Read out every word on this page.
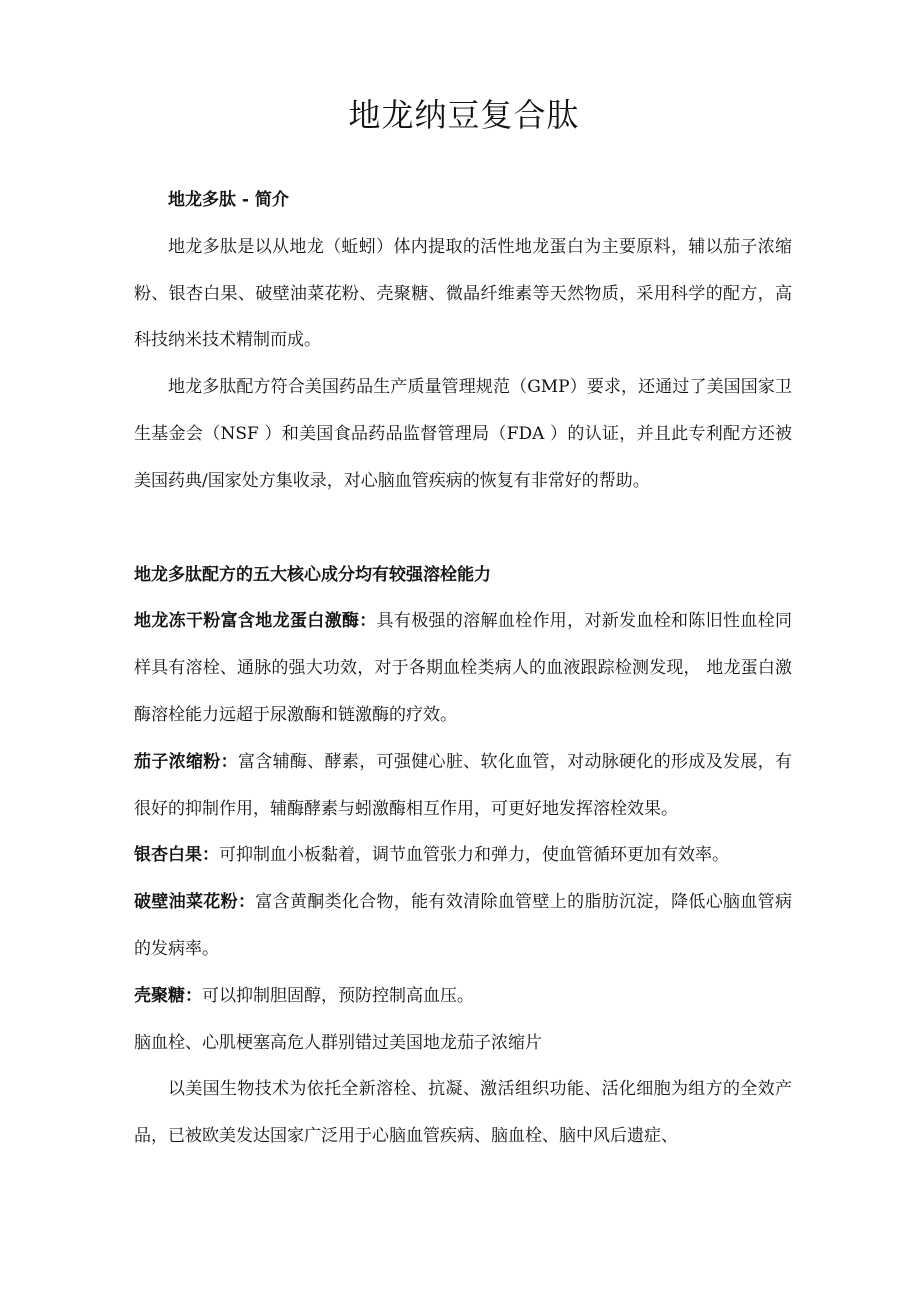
地龙纳豆复合肽

地龙多肽 - 简介

地龙多肽是以从地龙（蚯蚓）体内提取的活性地龙蛋白为主要原料，辅以茄子浓缩粉、银杏白果、破壁油菜花粉、壳聚糖、微晶纤维素等天然物质，采用科学的配方，高科技纳米技术精制而成。

地龙多肽配方符合美国药品生产质量管理规范（GMP）要求，还通过了美国国家卫生基金会（NSF ）和美国食品药品监督管理局（FDA ）的认证，并且此专利配方还被美国药典/国家处方集收录，对心脑血管疾病的恢复有非常好的帮助。

地龙多肽配方的五大核心成分均有较强溶栓能力

地龙冻干粉富含地龙蛋白激酶：具有极强的溶解血栓作用，对新发血栓和陈旧性血栓同样具有溶栓、通脉的强大功效，对于各期血栓类病人的血液跟踪检测发现， 地龙蛋白激酶溶栓能力远超于尿激酶和链激酶的疗效。

茄子浓缩粉：富含辅酶、酵素，可强健心脏、软化血管，对动脉硬化的形成及发展，有很好的抑制作用，辅酶酵素与蚓激酶相互作用，可更好地发挥溶栓效果。

银杏白果：可抑制血小板黏着，调节血管张力和弹力，使血管循环更加有效率。

破壁油菜花粉：富含黄酮类化合物，能有效清除血管壁上的脂肪沉淀，降低心脑血管病的发病率。

壳聚糖：可以抑制胆固醇，预防控制高血压。

脑血栓、心肌梗塞高危人群别错过美国地龙茄子浓缩片

以美国生物技术为依托全新溶栓、抗凝、激活组织功能、活化细胞为组方的全效产品，已被欧美发达国家广泛用于心脑血管疾病、脑血栓、脑中风后遗症、
